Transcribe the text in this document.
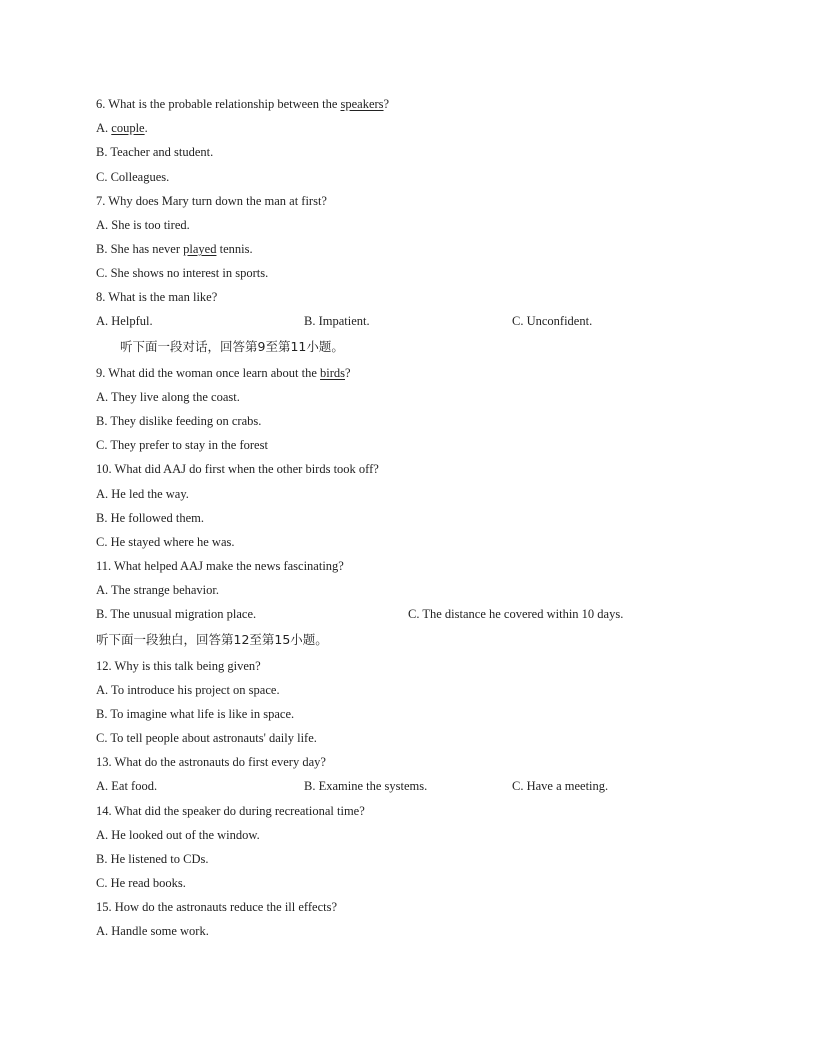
6. What is the probable relationship between the speakers?
A. couple.
B. Teacher and student.
C. Colleagues.
7. Why does Mary turn down the man at first?
A. She is too tired.
B. She has never played tennis.
C. She shows no interest in sports.
8. What is the man like?
A. Helpful.	B. Impatient.	C. Unconfident.
听下面一段对话，回答第9至第11小题。
9. What did the woman once learn about the birds?
A. They live along the coast.
B. They dislike feeding on crabs.
C. They prefer to stay in the forest
10. What did AAJ do first when the other birds took off?
A. He led the way.
B. He followed them.
C. He stayed where he was.
11. What helped AAJ make the news fascinating?
A. The strange behavior.
B. The unusual migration place.	C. The distance he covered within 10 days.
听下面一段独白，回答第12至第15小题。
12. Why is this talk being given?
A. To introduce his project on space.
B. To imagine what life is like in space.
C. To tell people about astronauts' daily life.
13. What do the astronauts do first every day?
A. Eat food.	B. Examine the systems.	C. Have a meeting.
14. What did the speaker do during recreational time?
A. He looked out of the window.
B. He listened to CDs.
C. He read books.
15. How do the astronauts reduce the ill effects?
A. Handle some work.
